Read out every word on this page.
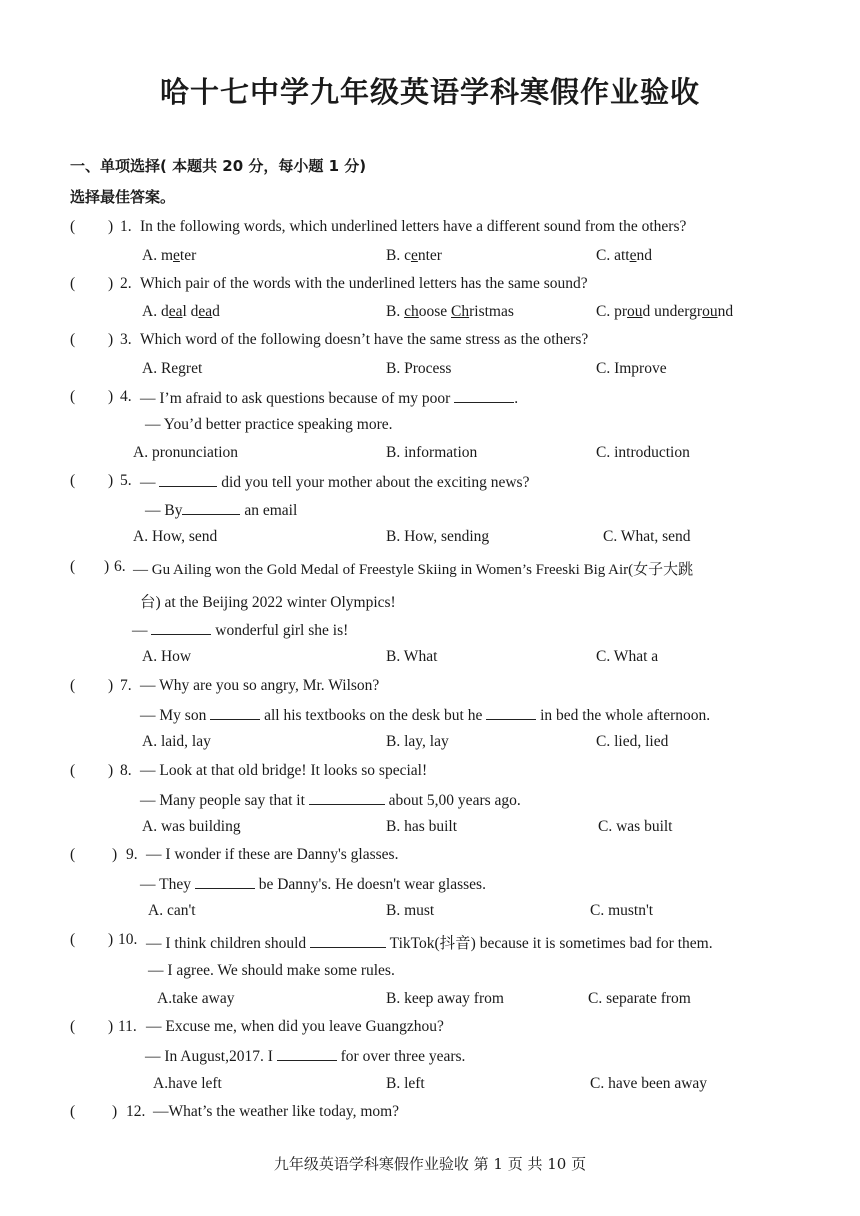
哈十七中学九年级英语学科寒假作业验收
一、单项选择( 本题共 20 分，每小题 1 分)
选择最佳答案。
( ) 1. In the following words, which underlined letters have a different sound from the others?
A. meter	B. center	C. attend
( ) 2. Which pair of the words with the underlined letters has the same sound?
A. deal dead	B. choose Christmas	C. proud underground
( ) 3. Which word of the following doesn’t have the same stress as the others?
A. Regret	B. Process	C. Improve
( ) 4. — I’m afraid to ask questions because of my poor	.
— You’d better practice speaking more.
A. pronunciation	B. information	C. introduction
( ) 5. —	did you tell your mother about the exciting news?
— By	an email
A. How, send	B. How, sending	C. What, send
( ) 6. — Gu Ailing won the Gold Medal of Freestyle Skiing in Women’s Freeski Big Air(女子大跳
台) at the Beijing 2022 winter Olympics!
—	wonderful girl she is!
A. How	B. What	C. What a
( ) 7. — Why are you so angry, Mr. Wilson?
— My son	all his textbooks on the desk but he	in bed the whole afternoon.
A. laid, lay	B. lay, lay	C. lied, lied
( ) 8. — Look at that old bridge! It looks so special!
— Many people say that it	about 5,00 years ago.
A. was building	B. has built	C. was built
( ) 9. — I wonder if these are Danny's glasses.
— They	be Danny's. He doesn't wear glasses.
A. can't	B. must	C. mustn't
( ) 10. — I think children should	TikTok(抖音) because it is sometimes bad for them.
— I agree. We should make some rules.
A.take away	B. keep away from	C. separate from
( ) 11. — Excuse me, when did you leave Guangzhou?
— In August,2017. I	for over three years.
A.have left	B. left	C. have been away
( ) 12. —What’s the weather like today, mom?
九年级英语学科寒假作业验收 第 1 页 共 10 页
